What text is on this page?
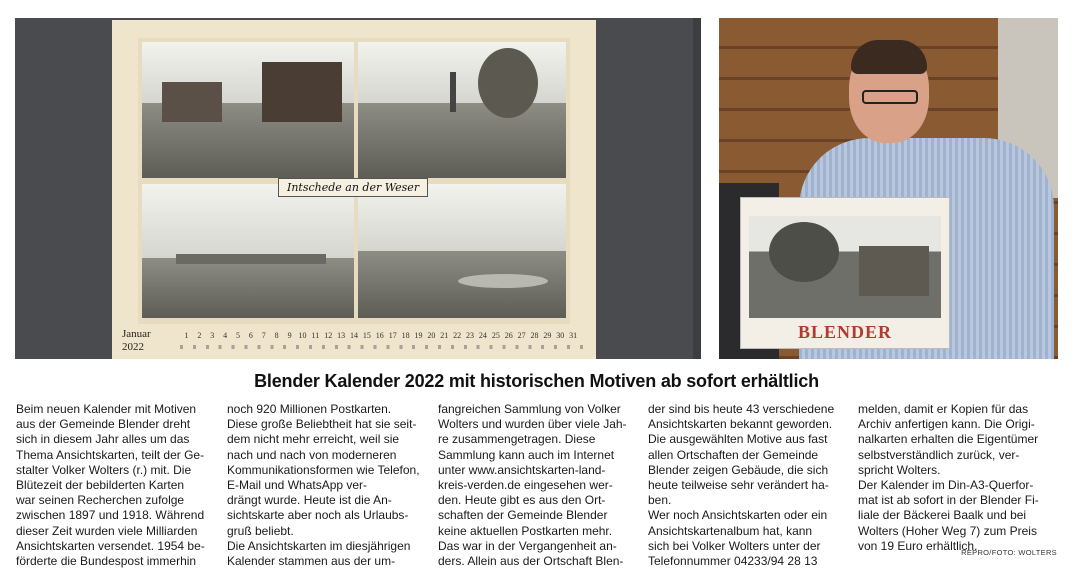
Intschede an der Weser
Januar
2022
1	2	3	4	5	6	7	8	9 10 11 12 13 14 15 16 17 18 19 20 21 22 23 24 25 26 27 28 29 30 31	BLENDER
Blender Kalender 2022 mit historischen Motiven ab sofort erhältlich
Beim neuen Kalender mit Motiven
aus der Gemeinde Blender dreht
sich in diesem Jahr alles um das
Thema Ansichtskarten, teilt der Ge-
stalter Volker Wolters (r.) mit. Die
Blütezeit der bebilderten Karten
war seinen Recherchen zufolge
zwischen 1897 und 1918. Während
dieser Zeit wurden viele Milliarden
Ansichtskarten versendet. 1954 be-
förderte die Bundespost immerhin
noch 920 Millionen Postkarten.
Diese große Beliebtheit hat sie seit-
dem nicht mehr erreicht, weil sie
nach und nach von moderneren
Kommunikationsformen wie Telefon,
E-Mail und WhatsApp ver-
drängt wurde. Heute ist die An-
sichtskarte aber noch als Urlaubs-
gruß beliebt.
Die Ansichtskarten im diesjährigen
Kalender stammen aus der um-
fangreichen Sammlung von Volker
Wolters und wurden über viele Jah-
re zusammengetragen. Diese
Sammlung kann auch im Internet
unter www.ansichtskarten-land-
kreis-verden.de eingesehen wer-
den. Heute gibt es aus den Ort-
schaften der Gemeinde Blender
keine aktuellen Postkarten mehr.
Das war in der Vergangenheit an-
ders. Allein aus der Ortschaft Blen-
der sind bis heute 43 verschiedene
Ansichtskarten bekannt geworden.
Die ausgewählten Motive aus fast
allen Ortschaften der Gemeinde
Blender zeigen Gebäude, die sich
heute teilweise sehr verändert ha-
ben.
Wer noch Ansichtskarten oder ein
Ansichtskartenalbum hat, kann
sich bei Volker Wolters unter der
Telefonnummer 04233/94 28 13
melden, damit er Kopien für das
Archiv anfertigen kann. Die Origi-
nalkarten erhalten die Eigentümer
selbstverständlich zurück, ver-
spricht Wolters.
Der Kalender im Din-A3-Querfor-
mat ist ab sofort in der Blender Fi-
liale der Bäckerei Baalk und bei
Wolters (Hoher Weg 7) zum Preis
von 19 Euro erhältlich.
REPRO/FOTO: WOLTERS
